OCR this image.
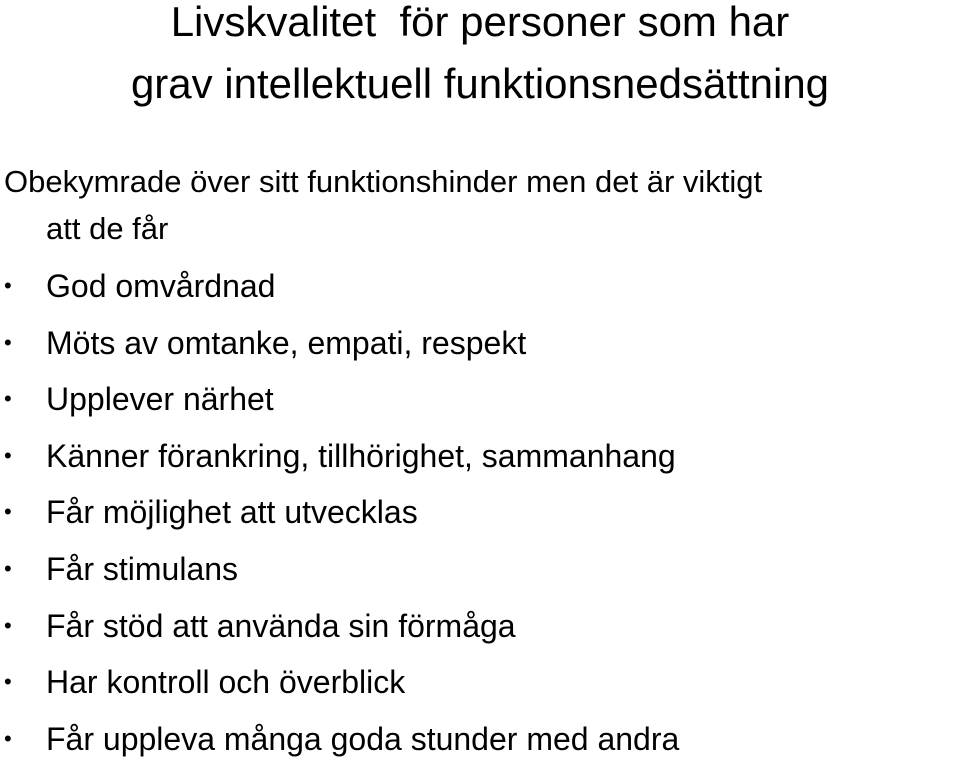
Livskvalitet  för personer som har
grav intellektuell funktionsnedsättning
Obekymrade över sitt funktionshinder men det är viktigt
att de får
• God omvårdnad
• Möts av omtanke, empati, respekt
• Upplever närhet
• Känner förankring, tillhörighet, sammanhang
• Får möjlighet att utvecklas
• Får stimulans
• Får stöd att använda sin förmåga
• Har kontroll och överblick
• Får uppleva många goda stunder med andra
